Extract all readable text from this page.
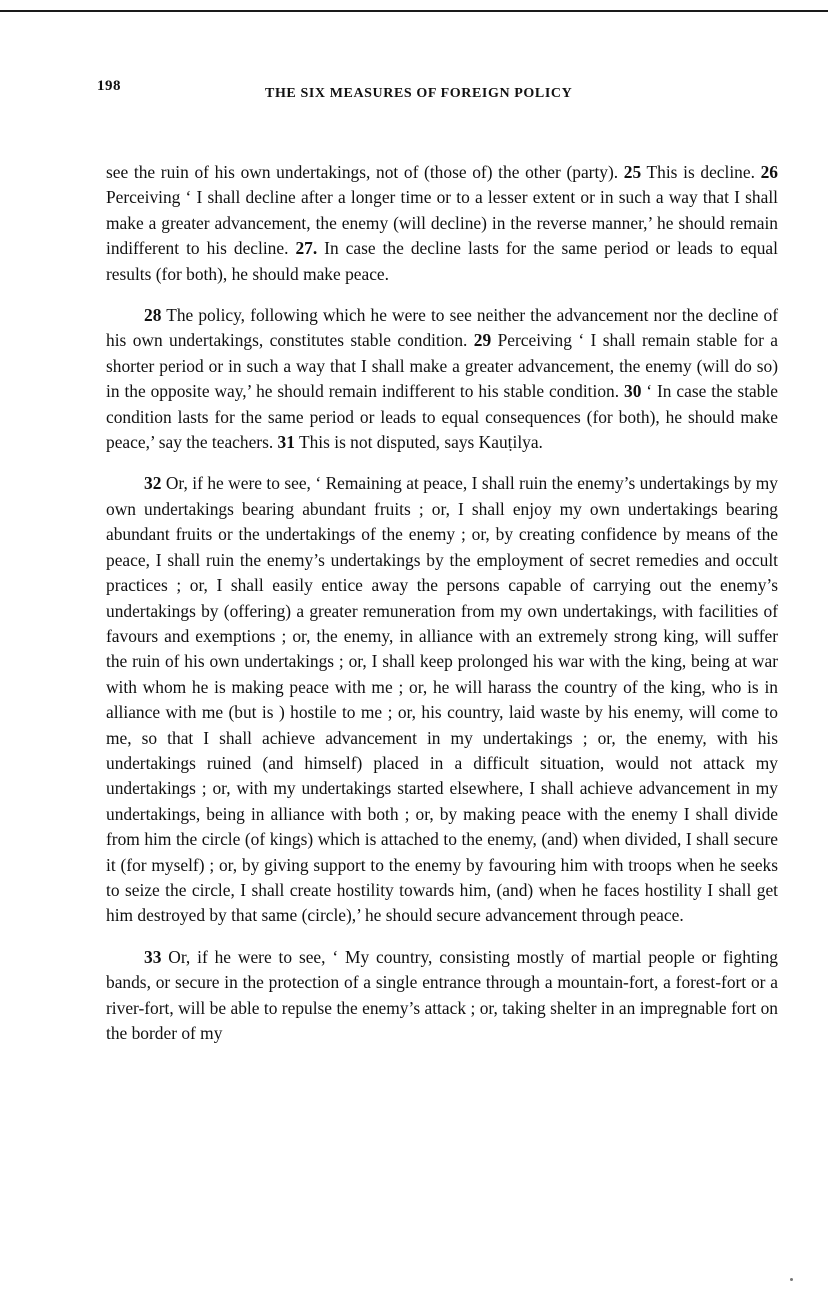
198	THE SIX MEASURES OF FOREIGN POLICY

see the ruin of his own undertakings, not of (those of) the other (party). 25 This is decline. 26 Perceiving ‘ I shall decline after a longer time or to a lesser extent or in such a way that I shall make a greater advancement, the enemy (will decline) in the reverse manner,’ he should remain indifferent to his decline. 27. In case the decline lasts for the same period or leads to equal results (for both), he should make peace.

28 The policy, following which he were to see neither the advancement nor the decline of his own undertakings, constitutes stable condition. 29 Perceiving ‘ I shall remain stable for a shorter period or in such a way that I shall make a greater advancement, the enemy (will do so) in the opposite way,’ he should remain indifferent to his stable condition. 30 ‘ In case the stable condition lasts for the same period or leads to equal consequences (for both), he should make peace,’ say the teachers. 31 This is not disputed, says Kauṭilya.

32 Or, if he were to see, ‘ Remaining at peace, I shall ruin the enemy’s undertakings by my own undertakings bearing abundant fruits ; or, I shall enjoy my own undertakings bearing abundant fruits or the undertakings of the enemy ; or, by creating confidence by means of the peace, I shall ruin the enemy’s undertakings by the employment of secret remedies and occult practices ; or, I shall easily entice away the persons capable of carrying out the enemy’s undertakings by (offering) a greater remuneration from my own undertakings, with facilities of favours and exemptions ; or, the enemy, in alliance with an extremely strong king, will suffer the ruin of his own undertakings ; or, I shall keep prolonged his war with the king, being at war with whom he is making peace with me ; or, he will harass the country of the king, who is in alliance with me (but is ) hostile to me ; or, his country, laid waste by his enemy, will come to me, so that I shall achieve advancement in my undertakings ; or, the enemy, with his undertakings ruined (and himself) placed in a difficult situation, would not attack my undertakings ; or, with my undertakings started elsewhere, I shall achieve advancement in my undertakings, being in alliance with both ; or, by making peace with the enemy I shall divide from him the circle (of kings) which is attached to the enemy, (and) when divided, I shall secure it (for myself) ; or, by giving support to the enemy by favouring him with troops when he seeks to seize the circle, I shall create hostility towards him, (and) when he faces hostility I shall get him destroyed by that same (circle),’ he should secure advancement through peace.

33 Or, if he were to see, ‘ My country, consisting mostly of martial people or fighting bands, or secure in the protection of a single entrance through a mountain-fort, a forest-fort or a river-fort, will be able to repulse the enemy’s attack ; or, taking shelter in an impregnable fort on the border of my
